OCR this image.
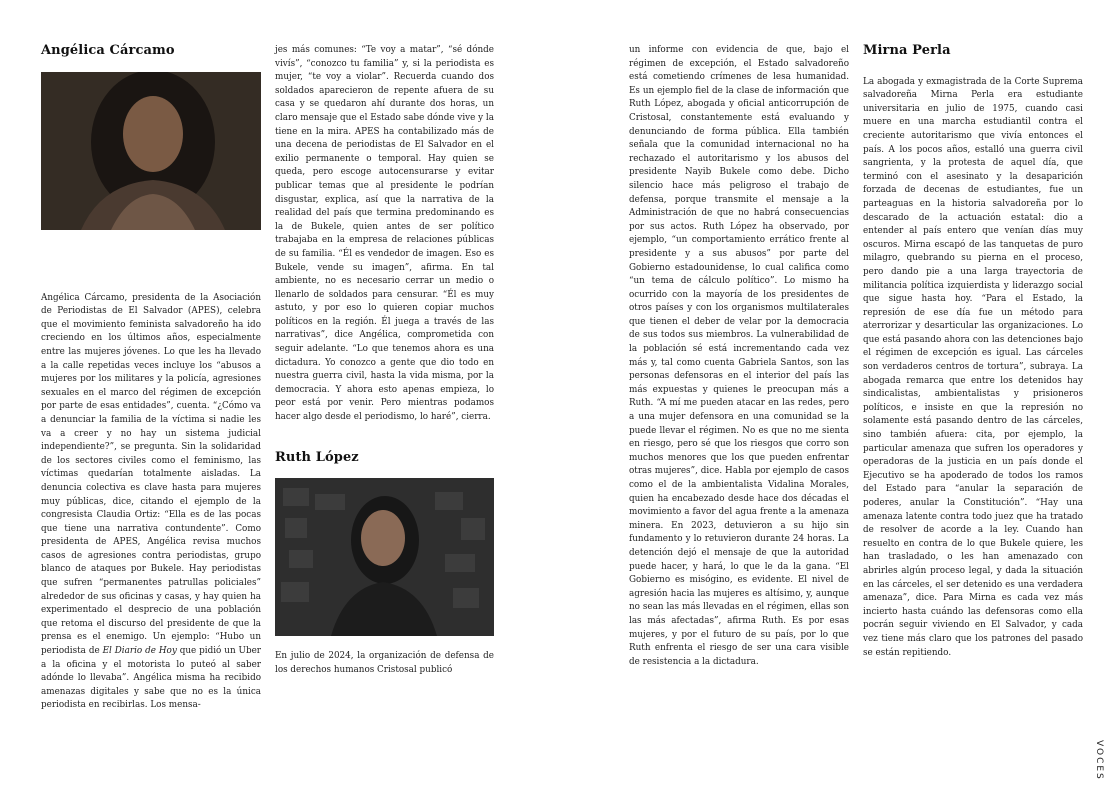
Angélica Cárcamo

Angélica Cárcamo, presidenta de la Asociación de Periodistas de El Salvador (APES), celebra que el movimiento feminista salvadoreño ha ido creciendo en los últimos años, especialmente entre las mujeres jóvenes. Lo que les ha llevado a la calle repetidas veces incluye los “abusos a mujeres por los militares y la policía, agresiones sexuales en el marco del régimen de excepción por parte de esas entidades”, cuenta. “¿Cómo va a denunciar la familia de la víctima si nadie les va a creer y no hay un sistema judicial independiente?”, se pregunta. Sin la solidaridad de los sectores civiles como el feminismo, las víctimas quedarían totalmente aisladas. La denuncia colectiva es clave hasta para mujeres muy públicas, dice, citando el ejemplo de la congresista Claudia Ortiz: “Ella es de las pocas que tiene una narrativa contundente”. Como presidenta de APES, Angélica revisa muchos casos de agresiones contra periodistas, grupo blanco de ataques por Bukele. Hay periodistas que sufren “permanentes patrullas policiales” alrededor de sus oficinas y casas, y hay quien ha experimentado el desprecio de una población que retoma el discurso del presidente de que la prensa es el enemigo. Un ejemplo: “Hubo un periodista de El Diario de Hoy que pidió un Uber a la oficina y el motorista lo puteó al saber adónde lo llevaba”. Angélica misma ha recibido amenazas digitales y sabe que no es la única periodista en recibirlas. Los mensa-

jes más comunes: “Te voy a matar”, “sé dónde vivís”, “conozco tu familia” y, si la periodista es mujer, “te voy a violar”. Recuerda cuando dos soldados aparecieron de repente afuera de su casa y se quedaron ahí durante dos horas, un claro mensaje que el Estado sabe dónde vive y la tiene en la mira. APES ha contabilizado más de una decena de periodistas de El Salvador en el exilio permanente o temporal. Hay quien se queda, pero escoge autocensurarse y evitar publicar temas que al presidente le podrían disgustar, explica, así que la narrativa de la realidad del país que termina predominando es la de Bukele, quien antes de ser político trabajaba en la empresa de relaciones públicas de su familia. “Él es vendedor de imagen. Eso es Bukele, vende su imagen”, afirma. En tal ambiente, no es necesario cerrar un medio o llenarlo de soldados para censurar. “Él es muy astuto, y por eso lo quieren copiar muchos políticos en la región. Él juega a través de las narrativas”, dice Angélica, comprometida con seguir adelante. “Lo que tenemos ahora es una dictadura. Yo conozco a gente que dio todo en nuestra guerra civil, hasta la vida misma, por la democracia. Y ahora esto apenas empieza, lo peor está por venir. Pero mientras podamos hacer algo desde el periodismo, lo haré”, cierra.

Ruth López

En julio de 2024, la organización de defensa de los derechos humanos Cristosal publicó

un informe con evidencia de que, bajo el régimen de excepción, el Estado salvadoreño está cometiendo crímenes de lesa humanidad. Es un ejemplo fiel de la clase de información que Ruth López, abogada y oficial anticorrupción de Cristosal, constantemente está evaluando y denunciando de forma pública. Ella también señala que la comunidad internacional no ha rechazado el autoritarismo y los abusos del presidente Nayib Bukele como debe. Dicho silencio hace más peligroso el trabajo de defensa, porque transmite el mensaje a la Administración de que no habrá consecuencias por sus actos. Ruth López ha observado, por ejemplo, “un comportamiento errático frente al presidente y a sus abusos” por parte del Gobierno estadounidense, lo cual califica como “un tema de cálculo político”. Lo mismo ha ocurrido con la mayoría de los presidentes de otros países y con los organismos multilaterales que tienen el deber de velar por la democracia de sus todos sus miembros. La vulnerabilidad de la población sé está incrementando cada vez más y, tal como cuenta Gabriela Santos, son las personas defensoras en el interior del país las más expuestas y quienes le preocupan más a Ruth. “A mí me pueden atacar en las redes, pero a una mujer defensora en una comunidad se la puede llevar el régimen. No es que no me sienta en riesgo, pero sé que los riesgos que corro son muchos menores que los que pueden enfrentar otras mujeres”, dice. Habla por ejemplo de casos como el de la ambientalista Vidalina Morales, quien ha encabezado desde hace dos décadas el movimiento a favor del agua frente a la amenaza minera. En 2023, detuvieron a su hijo sin fundamento y lo retuvieron durante 24 horas. La detención dejó el mensaje de que la autoridad puede hacer, y hará, lo que le da la gana. “El Gobierno es misógino, es evidente. El nivel de agresión hacia las mujeres es altísimo, y, aunque no sean las más llevadas en el régimen, ellas son las más afectadas”, afirma Ruth. Es por esas mujeres, y por el futuro de su país, por lo que Ruth enfrenta el riesgo de ser una cara visible de resistencia a la dictadura.

Mirna Perla

La abogada y exmagistrada de la Corte Suprema salvadoreña Mirna Perla era estudiante universitaria en julio de 1975, cuando casi muere en una marcha estudiantil contra el creciente autoritarismo que vivía entonces el país. A los pocos años, estalló una guerra civil sangrienta, y la protesta de aquel día, que terminó con el asesinato y la desaparición forzada de decenas de estudiantes, fue un parteaguas en la historia salvadoreña por lo descarado de la actuación estatal: dio a entender al país entero que venían días muy oscuros. Mirna escapó de las tanquetas de puro milagro, quebrando su pierna en el proceso, pero dando pie a una larga trayectoria de militancia política izquierdista y liderazgo social que sigue hasta hoy. “Para el Estado, la represión de ese día fue un método para aterrorizar y desarticular las organizaciones. Lo que está pasando ahora con las detenciones bajo el régimen de excepción es igual. Las cárceles son verdaderos centros de tortura”, subraya. La abogada remarca que entre los detenidos hay sindicalistas, ambientalistas y prisioneros políticos, e insiste en que la represión no solamente está pasando dentro de las cárceles, sino también afuera: cita, por ejemplo, la particular amenaza que sufren los operadores y operadoras de la justicia en un país donde el Ejecutivo se ha apoderado de todos los ramos del Estado para “anular la separación de poderes, anular la Constitución”. “Hay una amenaza latente contra todo juez que ha tratado de resolver de acorde a la ley. Cuando han resuelto en contra de lo que Bukele quiere, les han trasladado, o les han amenazado con abrirles algún proceso legal, y dada la situación en las cárceles, el ser detenido es una verdadera amenaza”, dice. Para Mirna es cada vez más incierto hasta cuándo las defensoras como ella pocrán seguir viviendo en El Salvador, y cada vez tiene más claro que los patrones del pasado se están repitiendo.

VOCES
